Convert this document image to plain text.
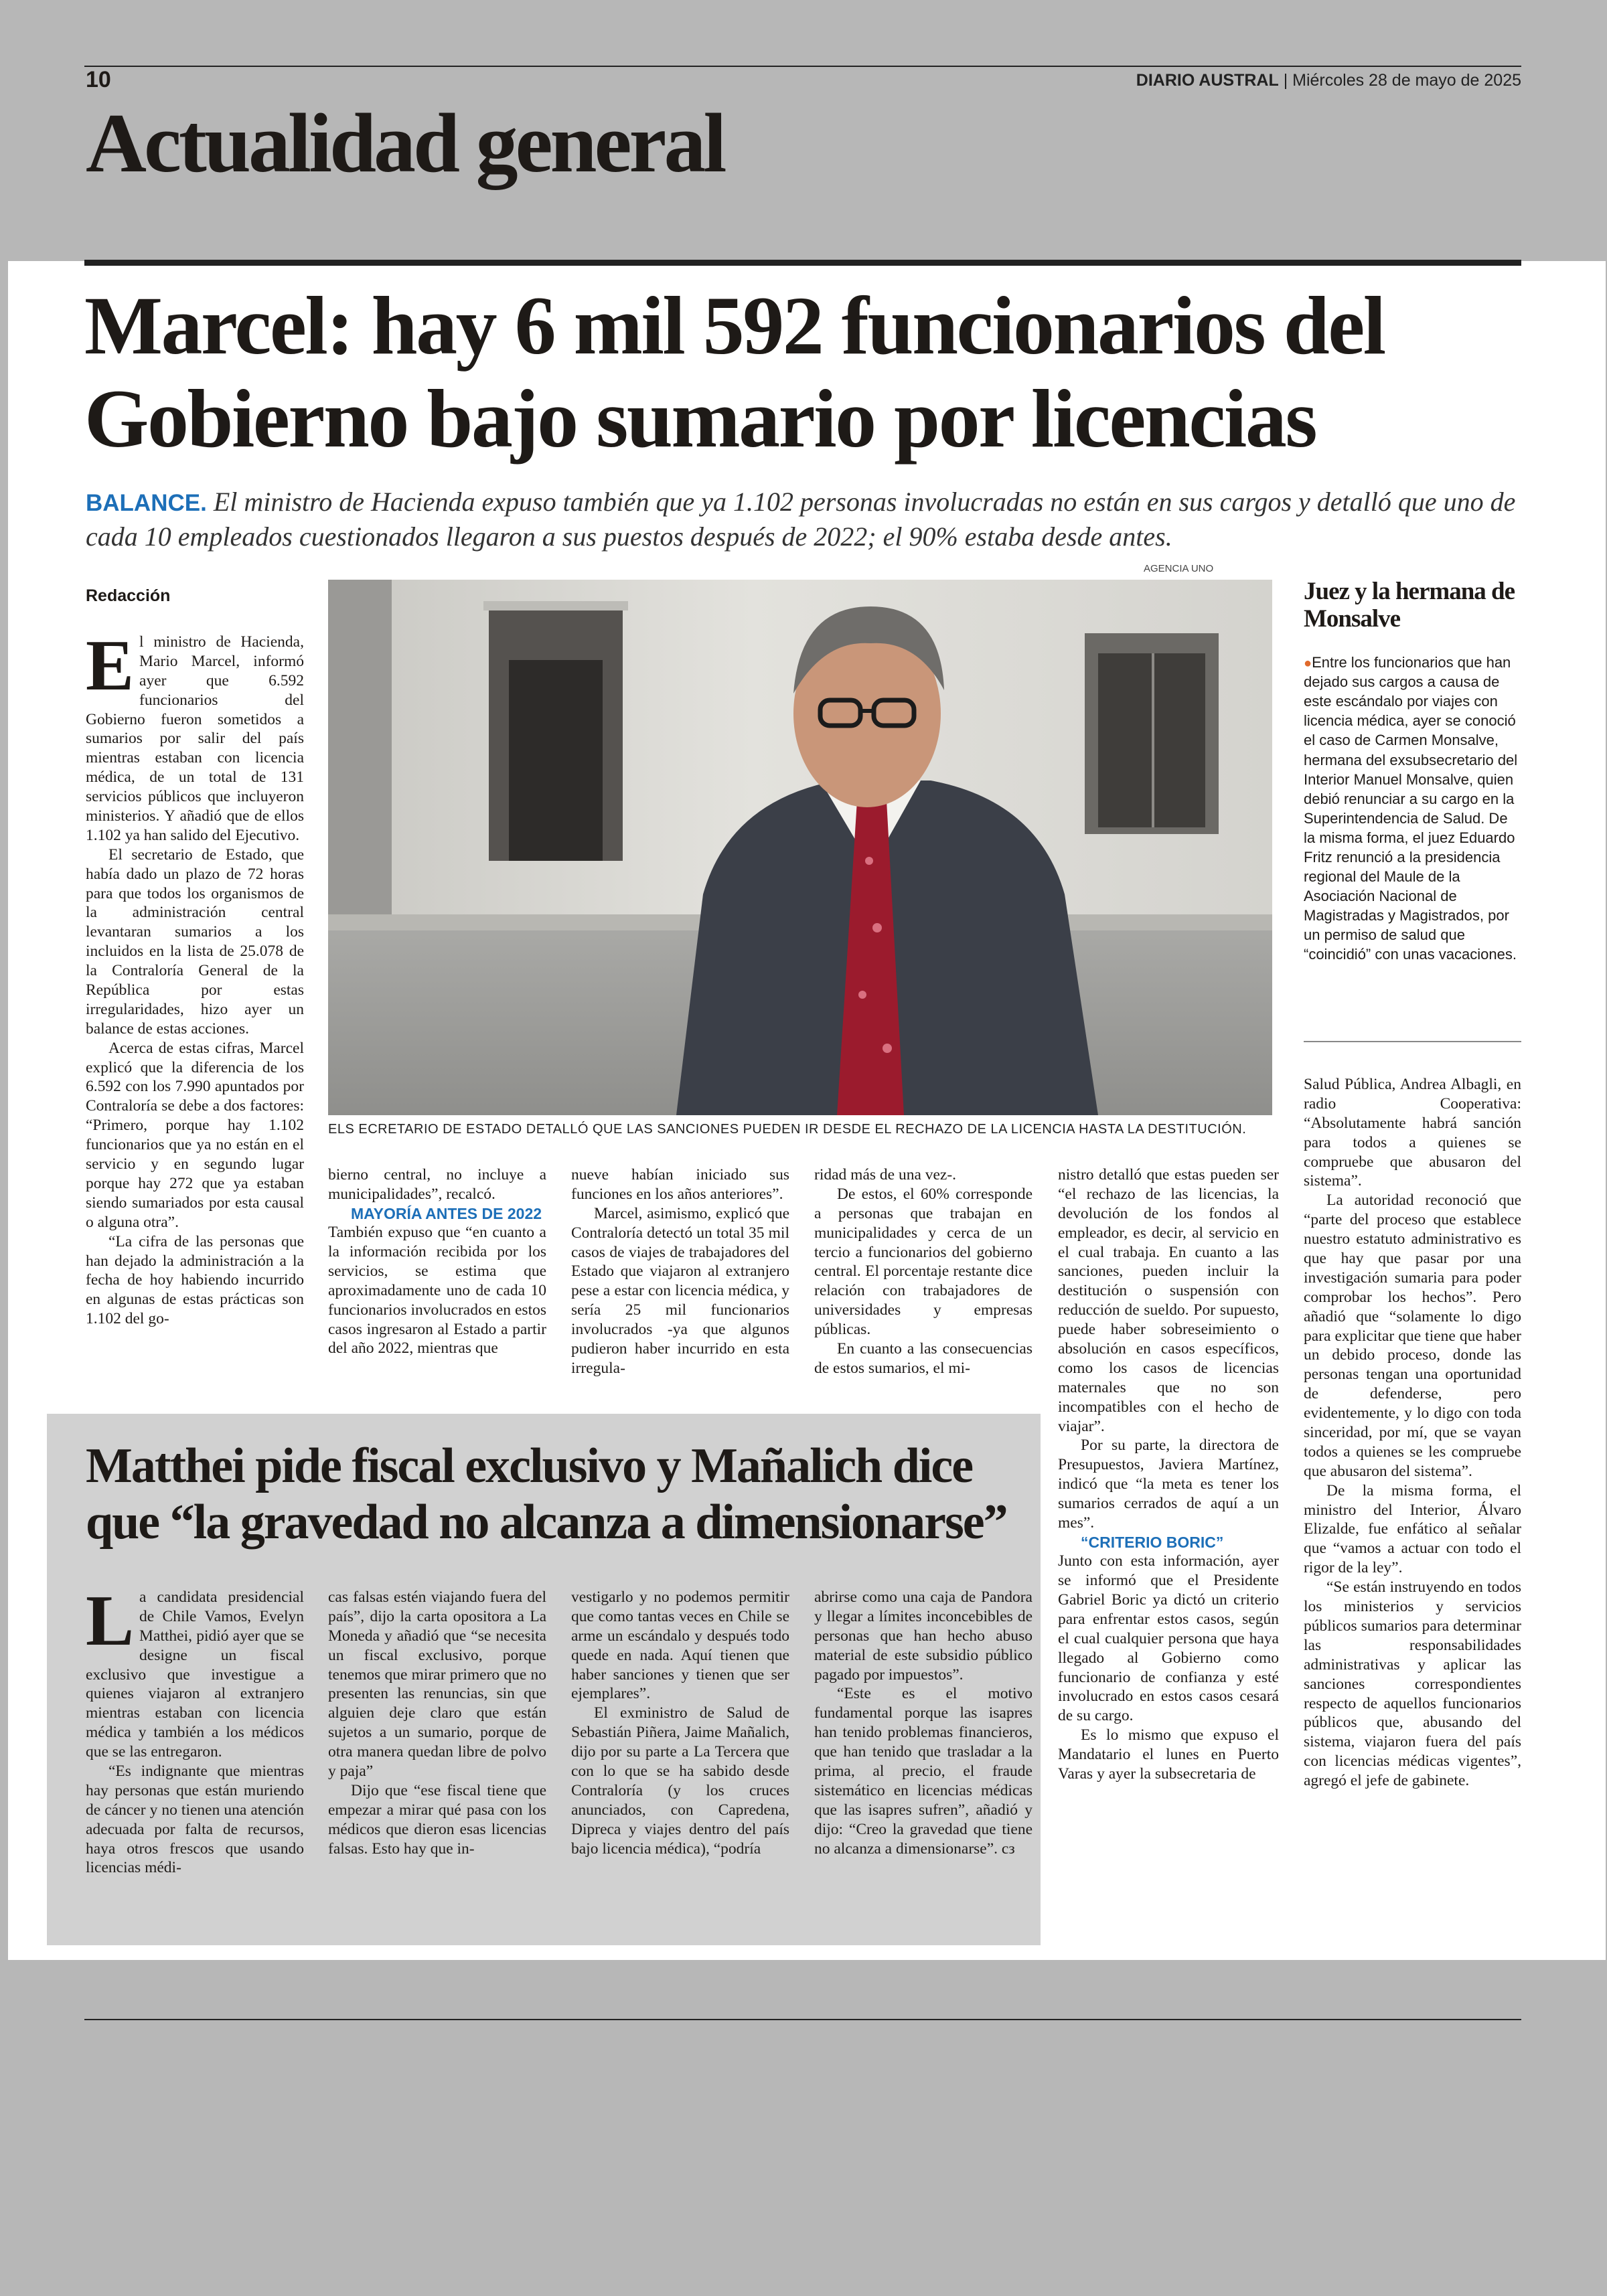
10	DIARIO AUSTRAL | Miércoles 28 de mayo de 2025
Actualidad general
Marcel: hay 6 mil 592 funcionarios del Gobierno bajo sumario por licencias
BALANCE. El ministro de Hacienda expuso también que ya 1.102 personas involucradas no están en sus cargos y detalló que uno de cada 10 empleados cuestionados llegaron a sus puestos después de 2022; el 90% estaba desde antes.
AGENCIA UNO
ELS ECRETARIO DE ESTADO DETALLÓ QUE LAS SANCIONES PUEDEN IR DESDE EL RECHAZO DE LA LICENCIA HASTA LA DESTITUCIÓN.
Redacción

El ministro de Hacienda, Mario Marcel, informó ayer que 6.592 funcionarios del Gobierno fueron sometidos a sumarios por salir del país mientras estaban con licencia médica, de un total de 131 servicios públicos que incluyeron ministerios. Y añadió que de ellos 1.102 ya han salido del Ejecutivo.

El secretario de Estado, que había dado un plazo de 72 horas para que todos los organismos de la administración central levantaran sumarios a los incluidos en la lista de 25.078 de la Contraloría General de la República por estas irregularidades, hizo ayer un balance de estas acciones.

Acerca de estas cifras, Marcel explicó que la diferencia de los 6.592 con los 7.990 apuntados por Contraloría se debe a dos factores: “Primero, porque hay 1.102 funcionarios que ya no están en el servicio y en segundo lugar porque hay 272 que ya estaban siendo sumariados por esta causal o alguna otra”.

“La cifra de las personas que han dejado la administración a la fecha de hoy habiendo incurrido en algunas de estas prácticas son 1.102 del go-

bierno central, no incluye a municipalidades”, recalcó.

MAYORÍA ANTES DE 2022

También expuso que “en cuanto a la información recibida por los servicios, se estima que aproximadamente uno de cada 10 funcionarios involucrados en estos casos ingresaron al Estado a partir del año 2022, mientras que

nueve habían iniciado sus funciones en los años anteriores”.

Marcel, asimismo, explicó que Contraloría detectó un total 35 mil casos de viajes de trabajadores del Estado que viajaron al extranjero pese a estar con licencia médica, y sería 25 mil funcionarios involucrados -ya que algunos pudieron haber incurrido en esta irregula-

ridad más de una vez-.

De estos, el 60% corresponde a personas que trabajan en municipalidades y cerca de un tercio a funcionarios del gobierno central. El porcentaje restante dice relación con trabajadores de universidades y empresas públicas.

En cuanto a las consecuencias de estos sumarios, el mi-

nistro detalló que estas pueden ser “el rechazo de las licencias, la devolución de los fondos al empleador, es decir, al servicio en el cual trabaja. En cuanto a las sanciones, pueden incluir la destitución o suspensión con reducción de sueldo. Por supuesto, puede haber sobreseimiento o absolución en casos específicos, como los casos de licencias maternales que no son incompatibles con el hecho de viajar”.

Por su parte, la directora de Presupuestos, Javiera Martínez, indicó que “la meta es tener los sumarios cerrados de aquí a un mes”.

“CRITERIO BORIC”

Junto con esta información, ayer se informó que el Presidente Gabriel Boric ya dictó un criterio para enfrentar estos casos, según el cual cualquier persona que haya llegado al Gobierno como funcionario de confianza y esté involucrado en estos casos cesará de su cargo.

Es lo mismo que expuso el Mandatario el lunes en Puerto Varas y ayer la subsecretaria de

Salud Pública, Andrea Albagli, en radio Cooperativa: “Absolutamente habrá sanción para todos a quienes se compruebe que abusaron del sistema”.

La autoridad reconoció que “parte del proceso que establece nuestro estatuto administrativo es que hay que pasar por una investigación sumaria para poder comprobar los hechos”. Pero añadió que “solamente lo digo para explicitar que tiene que haber un debido proceso, donde las personas tengan una oportunidad de defenderse, pero evidentemente, y lo digo con toda sinceridad, por mí, que se vayan todos a quienes se les compruebe que abusaron del sistema”.

De la misma forma, el ministro del Interior, Álvaro Elizalde, fue enfático al señalar que “vamos a actuar con todo el rigor de la ley”.

“Se están instruyendo en todos los ministerios y servicios públicos sumarios para determinar las responsabilidades administrativas y aplicar las sanciones correspondientes respecto de aquellos funcionarios públicos que, abusando del sistema, viajaron fuera del país con licencias médicas vigentes”, agregó el jefe de gabinete.

Juez y la hermana de Monsalve
●Entre los funcionarios que han dejado sus cargos a causa de este escándalo por viajes con licencia médica, ayer se conoció el caso de Carmen Monsalve, hermana del exsubsecretario del Interior Manuel Monsalve, quien debió renunciar a su cargo en la Superintendencia de Salud. De la misma forma, el juez Eduardo Fritz renunció a la presidencia regional del Maule de la Asociación Nacional de Magistradas y Magistrados, por un permiso de salud que “coincidió” con unas vacaciones.
Matthei pide fiscal exclusivo y Mañalich dice que “la gravedad no alcanza a dimensionarse”

La candidata presidencial de Chile Vamos, Evelyn Matthei, pidió ayer que se designe un fiscal exclusivo que investigue a quienes viajaron al extranjero mientras estaban con licencia médica y también a los médicos que se las entregaron.

“Es indignante que mientras hay personas que están muriendo de cáncer y no tienen una atención adecuada por falta de recursos, haya otros frescos que usando licencias médi-

cas falsas estén viajando fuera del país”, dijo la carta opositora a La Moneda y añadió que “se necesita un fiscal exclusivo, porque tenemos que mirar primero que no presenten las renuncias, sin que alguien deje claro que están sujetos a un sumario, porque de otra manera quedan libre de polvo y paja”

Dijo que “ese fiscal tiene que empezar a mirar qué pasa con los médicos que dieron esas licencias falsas. Esto hay que in-

vestigarlo y no podemos permitir que como tantas veces en Chile se arme un escándalo y después todo quede en nada. Aquí tienen que haber sanciones y tienen que ser ejemplares”.

El exministro de Salud de Sebastián Piñera, Jaime Mañalich, dijo por su parte a La Tercera que con lo que se ha sabido desde Contraloría (y los cruces anunciados, con Capredena, Dipreca y viajes dentro del país bajo licencia médica), “podría

abrirse como una caja de Pandora y llegar a límites inconcebibles de personas que han hecho abuso material de este subsidio público pagado por impuestos”.

“Este es el motivo fundamental porque las isapres han tenido problemas financieros, que han tenido que trasladar a la prima, al precio, el fraude sistemático en licencias médicas que las isapres sufren”, añadió y dijo: “Creo la gravedad que tiene no alcanza a dimensionarse”. cз
